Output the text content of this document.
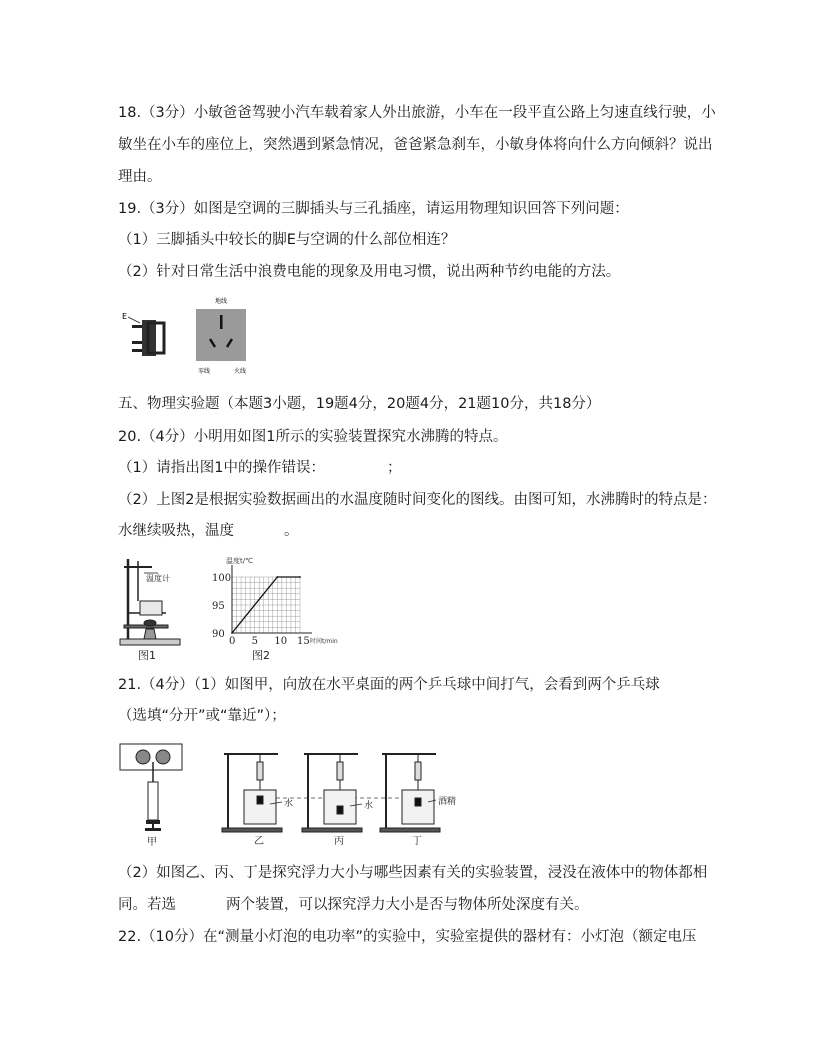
18.（3分）小敏爸爸驾驶小汽车载着家人外出旅游，小车在一段平直公路上匀速直线行驶，小
敏坐在小车的座位上，突然遇到紧急情况，爸爸紧急刹车，小敏身体将向什么方向倾斜？说出
理由。
19.（3分）如图是空调的三脚插头与三孔插座，请运用物理知识回答下列问题：
（1）三脚插头中较长的脚E与空调的什么部位相连？
（2）针对日常生活中浪费电能的现象及用电习惯，说出两种节约电能的方法。
E
地线
零线	火线
五、物理实验题（本题3小题，19题4分，20题4分，21题10分，共18分）
20.（4分）小明用如图1所示的实验装置探究水沸腾的特点。
（1）请指出图1中的操作错误：	；
（2）上图2是根据实验数据画出的水温度随时间变化的图线。由图可知，水沸腾时的特点是：
水继续吸热，温度	。
温度计
图1
温度t/℃
时间t/min
图2
0 5 10 15
90
95
100
21.（4分）（1）如图甲，向放在水平桌面的两个乒乓球中间打气，会看到两个乒乓球
（选填“分开”或“靠近”）；
甲
水
乙
水
丙
酒精
丁
（2）如图乙、丙、丁是探究浮力大小与哪些因素有关的实验装置，浸没在液体中的物体都相
同。若选	两个装置，可以探究浮力大小是否与物体所处深度有关。
22.（10分）在“测量小灯泡的电功率”的实验中，实验室提供的器材有：小灯泡（额定电压
